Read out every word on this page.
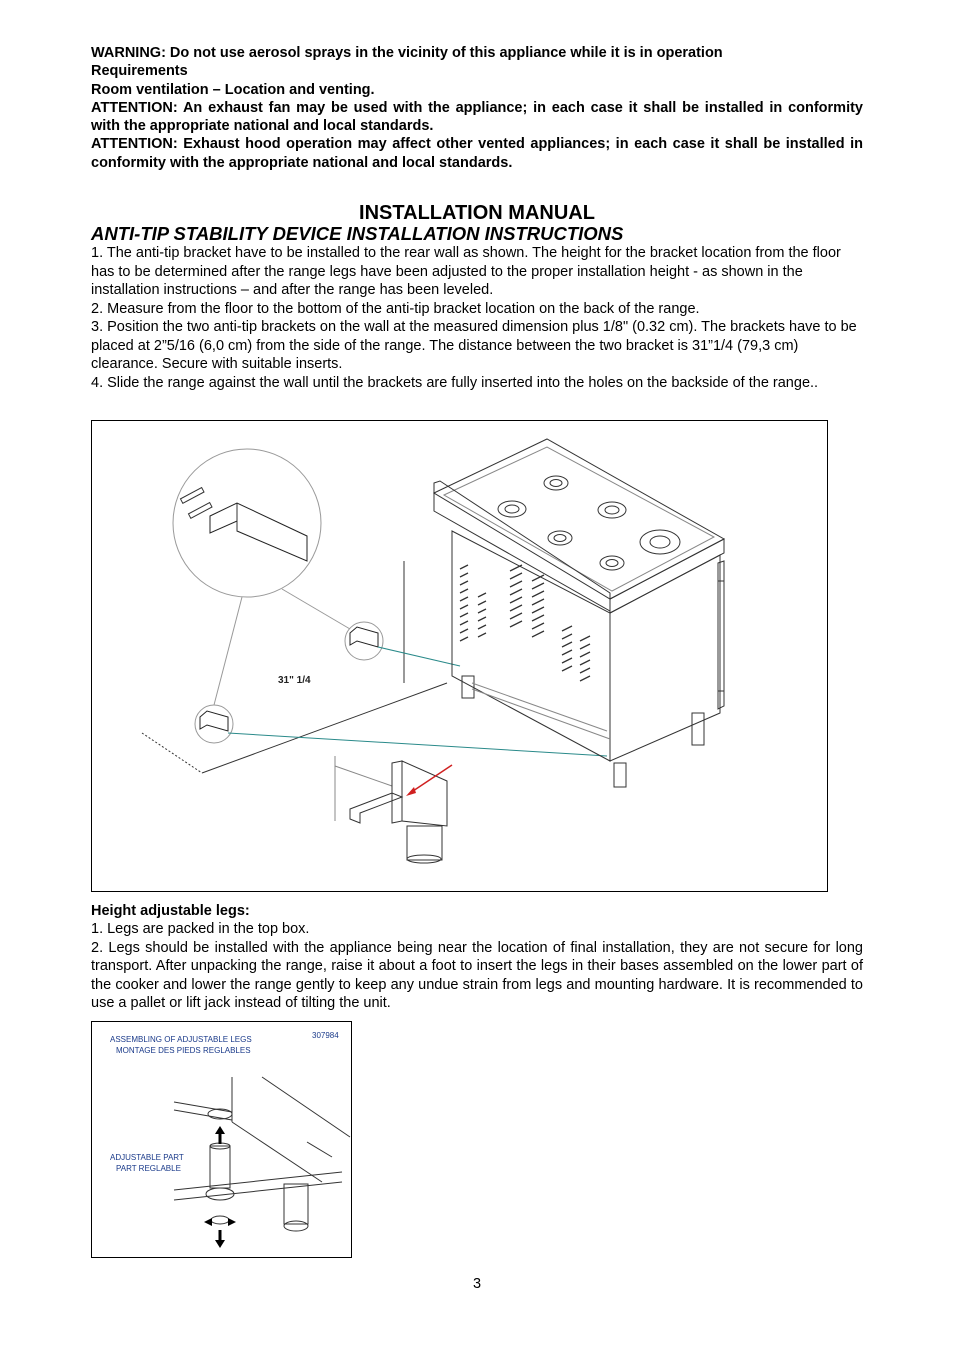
WARNING: Do not use aerosol sprays in the vicinity of this appliance while it is in operation
Requirements
Room ventilation – Location and venting.
ATTENTION: An exhaust fan may be used with the appliance; in each case it shall be installed in conformity with the appropriate national and local standards.
ATTENTION: Exhaust hood operation may affect other vented appliances; in each case it shall be installed in conformity with the appropriate national and local standards.
INSTALLATION MANUAL
ANTI-TIP STABILITY DEVICE INSTALLATION INSTRUCTIONS
1. The anti-tip bracket have to be installed to the rear wall as shown. The height for the bracket location from the floor has to be determined after the range legs have been adjusted to the proper installation height - as shown in the installation instructions – and after the range has been leveled.
2. Measure from the floor to the bottom of the anti-tip bracket location on the back of the range.
3. Position the two anti-tip brackets on the wall at the measured dimension plus 1/8" (0.32 cm). The brackets have to be placed at 2”5/16 (6,0 cm) from the side of the range. The distance between the two bracket is 31”1/4 (79,3 cm) clearance. Secure with suitable inserts.
4. Slide the range against the wall until the brackets are fully inserted into the holes on the backside of the range..
31" 1/4
Height adjustable legs:
1. Legs are packed in the top box.
2. Legs should be installed with the appliance being near the location of final installation, they are not secure for long transport. After unpacking the range, raise it about a foot to insert the legs in their bases assembled on the lower part of the cooker and lower the range gently to keep any undue strain from legs and mounting hardware. It is recommended to use a pallet or lift jack instead of tilting the unit.
ASSEMBLING OF ADJUSTABLE LEGS
MONTAGE DES PIEDS REGLABLES
307984
ADJUSTABLE PART
PART REGLABLE
3
